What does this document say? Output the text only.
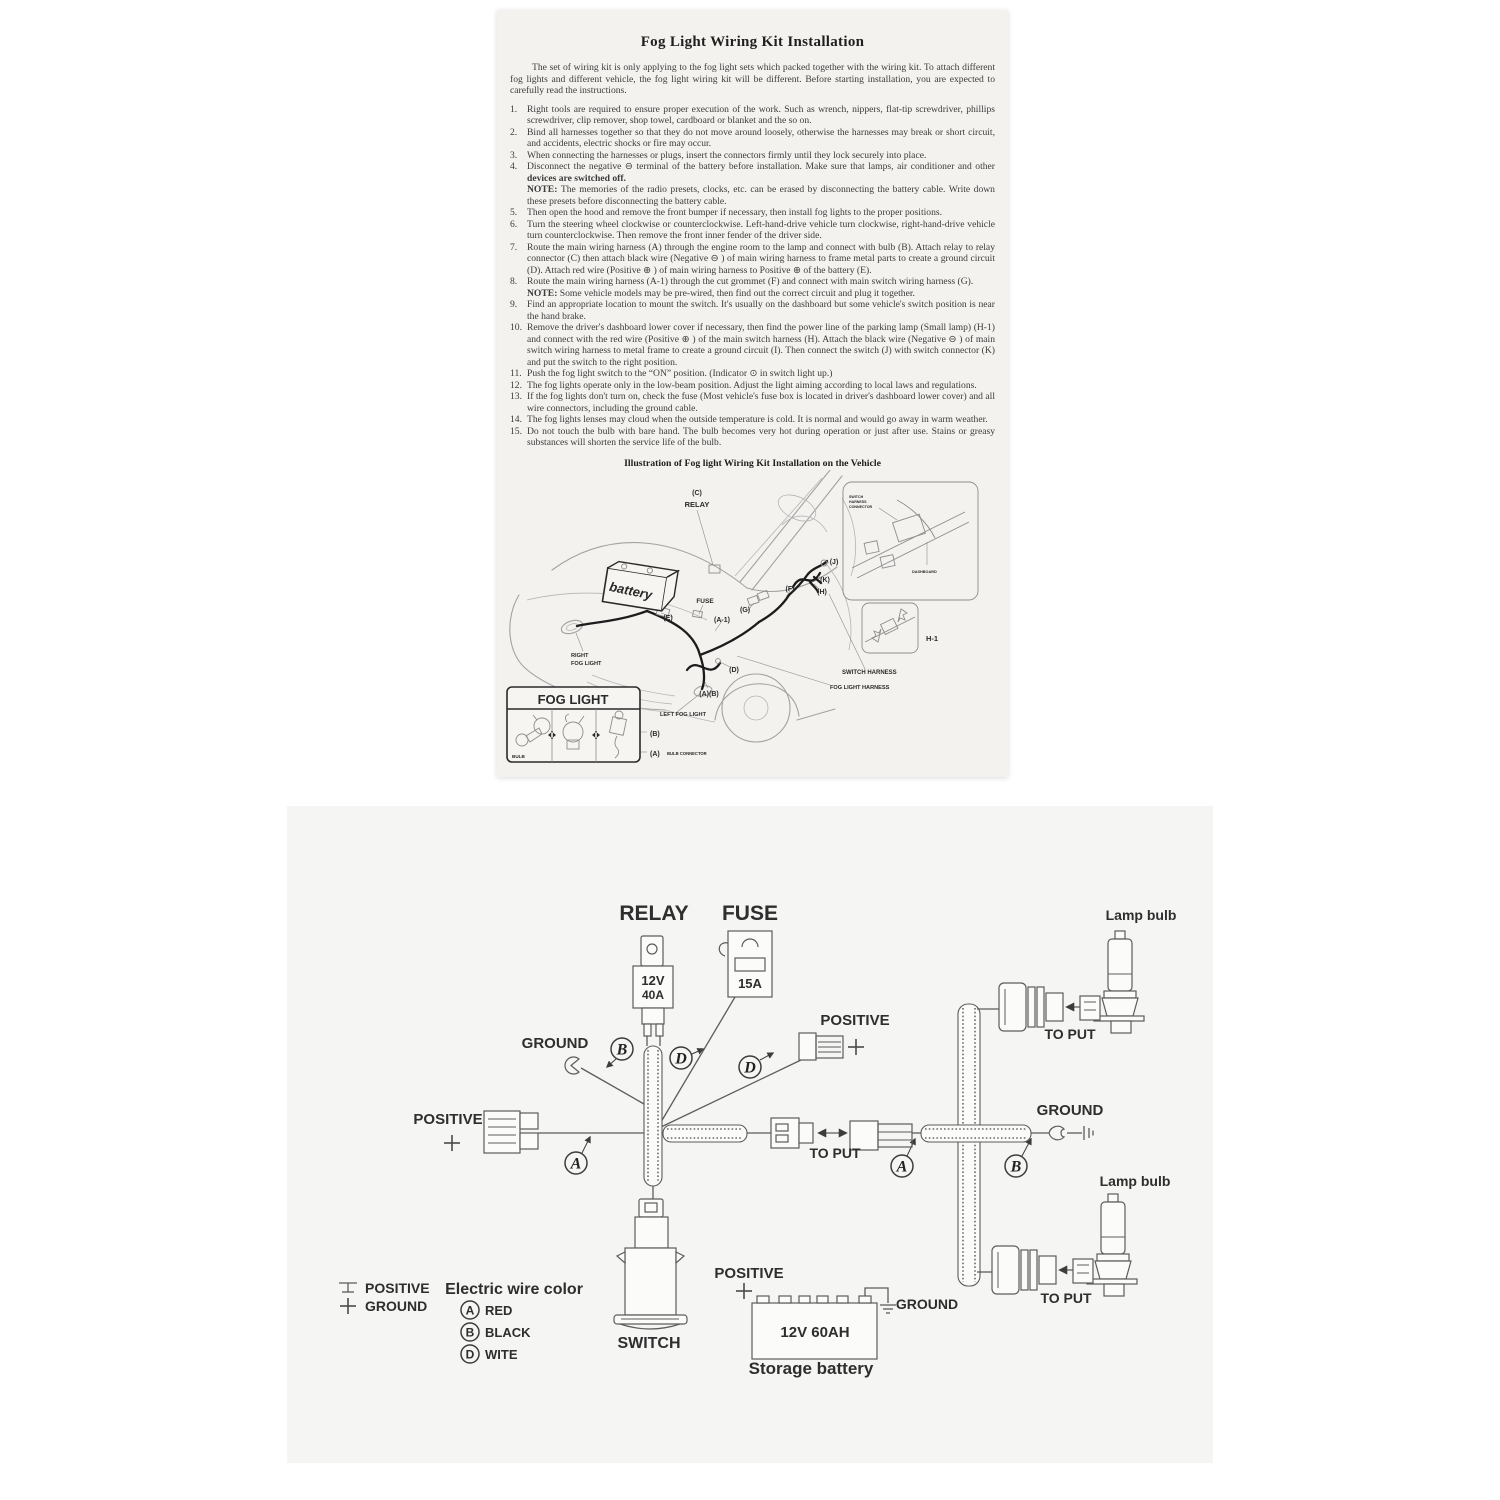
Fog Light Wiring Kit Installation

The set of wiring kit is only applying to the fog light sets which packed together with the wiring kit. To attach different fog lights and different vehicle, the fog light wiring kit will be different. Before starting installation, you are expected to carefully read the instructions.

1.	Right tools are required to ensure proper execution of the work. Such as wrench, nippers, flat-tip screwdriver, phillips screwdriver, clip remover, shop towel, cardboard or blanket and the so on.
2.	Bind all harnesses together so that they do not move around loosely, otherwise the harnesses may break or short circuit, and accidents, electric shocks or fire may occur.
3.	When connecting the harnesses or plugs, insert the connectors firmly until they lock securely into place.
4.	Disconnect the negative ⊖ terminal of the battery before installation. Make sure that lamps, air conditioner and other devices are switched off.
NOTE: The memories of the radio presets, clocks, etc. can be erased by disconnecting the battery cable. Write down these presets before disconnecting the battery cable.
5.	Then open the hood and remove the front bumper if necessary, then install fog lights to the proper positions.
6.	Turn the steering wheel clockwise or counterclockwise. Left-hand-drive vehicle turn clockwise, right-hand-drive vehicle turn counterclockwise. Then remove the front inner fender of the driver side.
7.	Route the main wiring harness (A) through the engine room to the lamp and connect with bulb (B). Attach relay to relay connector (C) then attach black wire (Negative ⊖ ) of main wiring harness to frame metal parts to create a ground circuit (D). Attach red wire (Positive ⊕ ) of main wiring harness to Positive ⊕ of the battery (E).
8.	Route the main wiring harness (A-1) through the cut grommet (F) and connect with main switch wiring harness (G).
NOTE: Some vehicle models may be pre-wired, then find out the correct circuit and plug it together.
9.	Find an appropriate location to mount the switch. It's usually on the dashboard but some vehicle's switch position is near the hand brake.
10. Remove the driver's dashboard lower cover if necessary, then find the power line of the parking lamp (Small lamp) (H-1) and connect with the red wire (Positive ⊕ ) of the main switch harness (H). Attach the black wire (Negative ⊖ ) of main switch wiring harness to metal frame to create a ground circuit (I). Then connect the switch (J) with switch connector (K) and put the switch to the right position.
11. Push the fog light switch to the “ON” position. (Indicator ⊙ in switch light up.)
12. The fog lights operate only in the low-beam position. Adjust the light aiming according to local laws and regulations.
13. If the fog lights don't turn on, check the fuse (Most vehicle's fuse box is located in driver's dashboard lower cover) and all wire connectors, including the ground cable.
14. The fog lights lenses may cloud when the outside temperature is cold. It is normal and would go away in warm weather.
15. Do not touch the bulb with bare hand. The bulb becomes very hot during operation or just after use. Stains or greasy substances will shorten the service life of the bulb.
Illustration of Fog light Wiring Kit Installation on the Vehicle
battery
(C)
RELAY
FUSE
(E)	(A-1)
(G)
(F)
(J)
(K)
(H)
(D)
(A)(B)
RIGHT
FOG LIGHT
LEFT FOG LIGHT
SWITCH HARNESS
FOG LIGHT HARNESS
H-1
SWITCH
HARNESS
CONNECTOR
DASHBOARD
FOG LIGHT
BULB
(B)
(A) BULB CONNECTOR
RELAY FUSE
12V
40A
15A
POSITIVE
GROUND B
D
D
A	A	B
POSITIVE
TO PUT
GROUND
Lamp bulb
TO PUT
Lamp bulb
TO PUT
SWITCH
POSITIVE
12V 60AH
Storage battery
GROUND
POSITIVE
GROUND
Electric wire color
A RED
B BLACK
D WITE
